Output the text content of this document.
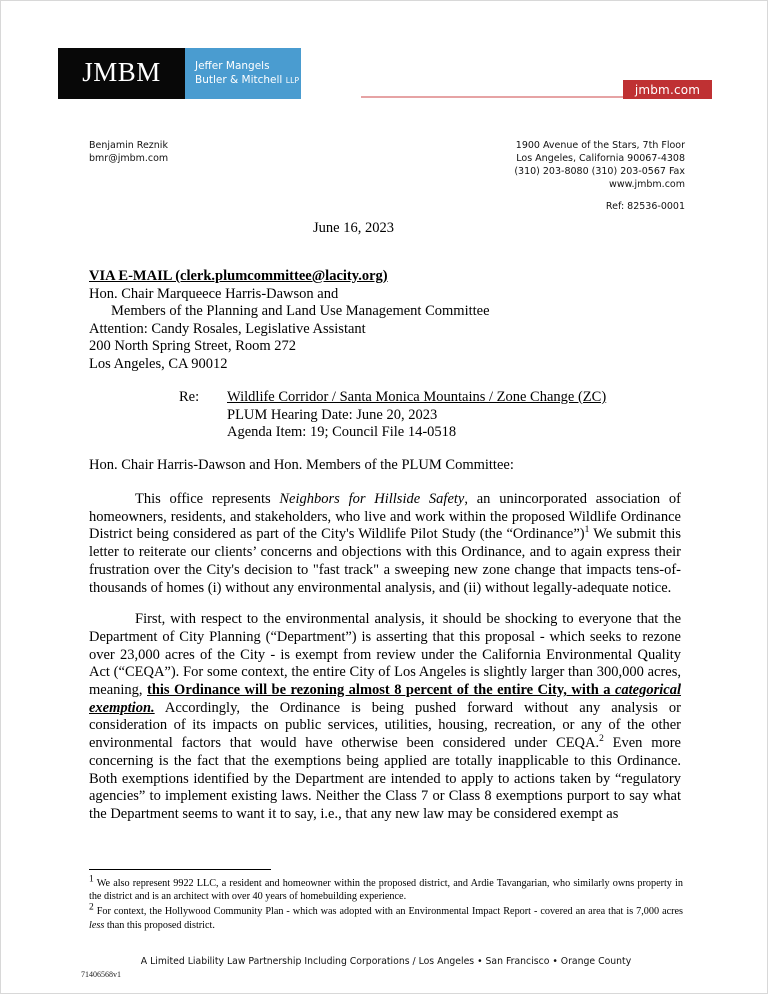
JMBM	Jeffer Mangels
Butler & Mitchell LLP
jmbm.com
Benjamin Reznik
bmr@jmbm.com
1900 Avenue of the Stars, 7th Floor
Los Angeles, California 90067-4308
(310) 203-8080 (310) 203-0567 Fax
www.jmbm.com
Ref: 82536-0001
June 16, 2023
VIA E-MAIL (clerk.plumcommittee@lacity.org)
Hon. Chair Marqueece Harris-Dawson and
Members of the Planning and Land Use Management Committee
Attention: Candy Rosales, Legislative Assistant
200 North Spring Street, Room 272
Los Angeles, CA 90012
Re:	Wildlife Corridor / Santa Monica Mountains / Zone Change (ZC)
PLUM Hearing Date: June 20, 2023
Agenda Item: 19; Council File 14-0518
Hon. Chair Harris-Dawson and Hon. Members of the PLUM Committee:

This office represents Neighbors for Hillside Safety, an unincorporated association of homeowners, residents, and stakeholders, who live and work within the proposed Wildlife Ordinance District being considered as part of the City's Wildlife Pilot Study (the “Ordinance”)$^1$ We submit this letter to reiterate our clients’ concerns and objections with this Ordinance, and to again express their frustration over the City's decision to "fast track" a sweeping new zone change that impacts tens-of-thousands of homes (i) without any environmental analysis, and (ii) without legally-adequate notice.

First, with respect to the environmental analysis, it should be shocking to everyone that the Department of City Planning (“Department”) is asserting that this proposal - which seeks to rezone over 23,000 acres of the City - is exempt from review under the California Environmental Quality Act (“CEQA”). For some context, the entire City of Los Angeles is slightly larger than 300,000 acres, meaning, this Ordinance will be rezoning almost 8 percent of the entire City, with a categorical exemption. Accordingly, the Ordinance is being pushed forward without any analysis or consideration of its impacts on public services, utilities, housing, recreation, or any of the other environmental factors that would have otherwise been considered under CEQA.$^2$ Even more concerning is the fact that the exemptions being applied are totally inapplicable to this Ordinance. Both exemptions identified by the Department are intended to apply to actions taken by “regulatory agencies” to implement existing laws. Neither the Class 7 or Class 8 exemptions purport to say what the Department seems to want it to say, i.e., that any new law may be considered exempt as

$^1$ We also represent 9922 LLC, a resident and homeowner within the proposed district, and Ardie Tavangarian, who similarly owns property in the district and is an architect with over 40 years of homebuilding experience.

$^2$ For context, the Hollywood Community Plan - which was adopted with an Environmental Impact Report - covered an area that is 7,000 acres less than this proposed district.

A Limited Liability Law Partnership Including Corporations / Los Angeles • San Francisco • Orange County
71406568v1
